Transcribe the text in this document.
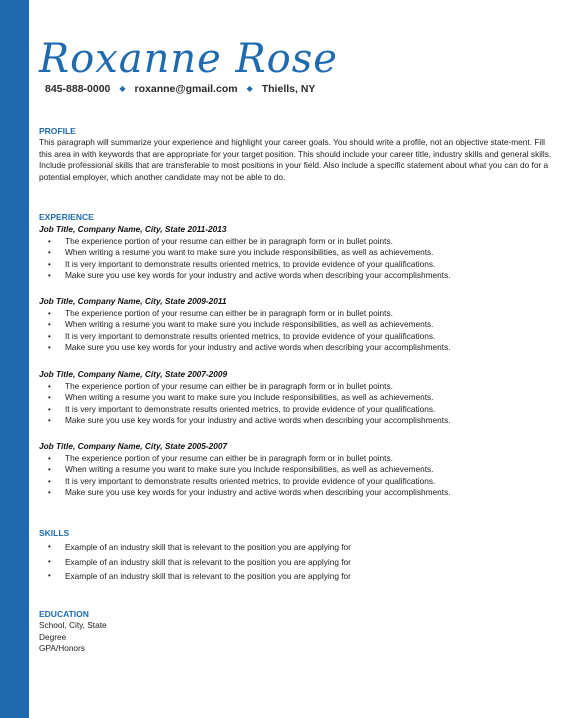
Roxanne Rose
845-888-0000 ◆ roxanne@gmail.com ◆ Thiells, NY

PROFILE

This paragraph will summarize your experience and highlight your career goals. You should write a profile, not an objective state-ment. Fill this area in with keywords that are appropriate for your target position. This should include your career title, industry skills and general skills. Include professional skills that are transferable to most positions in your field. Also include a specific statement about what you can do for a potential employer, which another candidate may not be able to do.

EXPERIENCE

Job Title, Company Name, City, State 2011-2013

• The experience portion of your resume can either be in paragraph form or in bullet points.
• When writing a resume you want to make sure you include responsibilities, as well as achievements.
• It is very important to demonstrate results oriented metrics, to provide evidence of your qualifications.
• Make sure you use key words for your industry and active words when describing your accomplishments.

Job Title, Company Name, City, State 2009-2011

• The experience portion of your resume can either be in paragraph form or in bullet points.
• When writing a resume you want to make sure you include responsibilities, as well as achievements.
• It is very important to demonstrate results oriented metrics, to provide evidence of your qualifications.
• Make sure you use key words for your industry and active words when describing your accomplishments.

Job Title, Company Name, City, State 2007-2009

• The experience portion of your resume can either be in paragraph form or in bullet points.
• When writing a resume you want to make sure you include responsibilities, as well as achievements.
• It is very important to demonstrate results oriented metrics, to provide evidence of your qualifications.
• Make sure you use key words for your industry and active words when describing your accomplishments.

Job Title, Company Name, City, State 2005-2007

• The experience portion of your resume can either be in paragraph form or in bullet points.
• When writing a resume you want to make sure you include responsibilities, as well as achievements.
• It is very important to demonstrate results oriented metrics, to provide evidence of your qualifications.
• Make sure you use key words for your industry and active words when describing your accomplishments.

SKILLS

• Example of an industry skill that is relevant to the position you are applying for
• Example of an industry skill that is relevant to the position you are applying for
• Example of an industry skill that is relevant to the position you are applying for

EDUCATION

School, City, State

Degree

GPA/Honors
